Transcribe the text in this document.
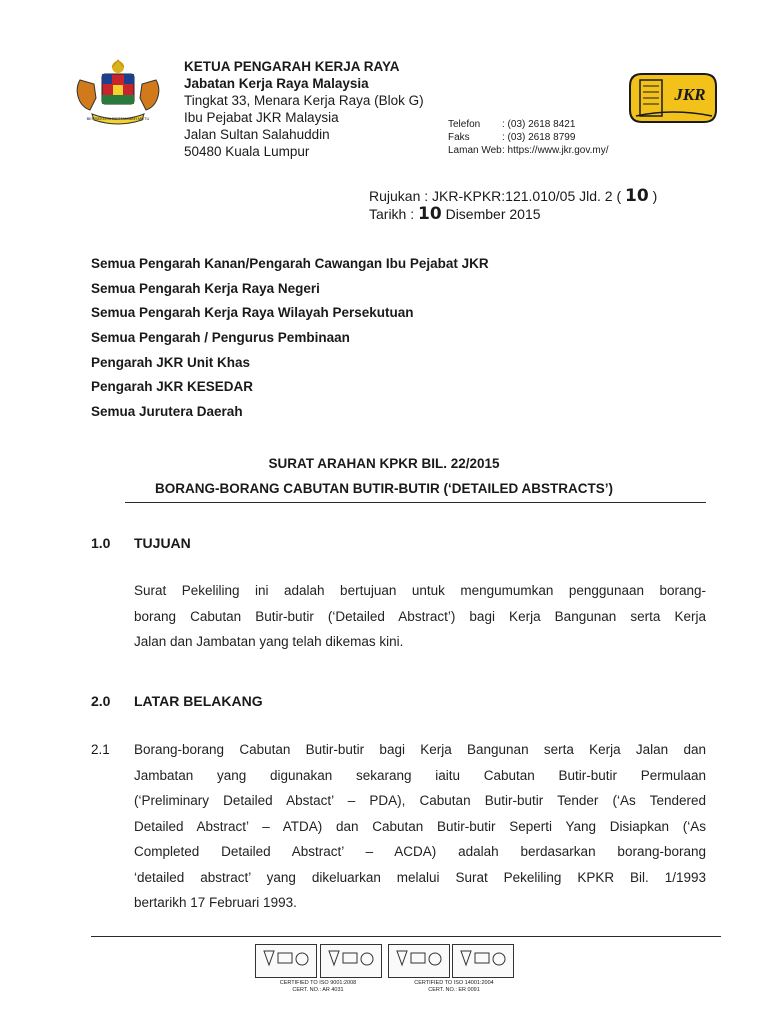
BERSEKUTU BERTAMBAH MUTU
KETUA PENGARAH KERJA RAYA
Jabatan Kerja Raya Malaysia
Tingkat 33, Menara Kerja Raya (Blok G)
Ibu Pejabat JKR Malaysia
Jalan Sultan Salahuddin
50480 Kuala Lumpur
Telefon : (03) 2618 8421
Faks	: (03) 2618 8799
Laman Web : https://www.jkr.gov.my/
JKR
Rujukan : JKR-KPKR:121.010/05 Jld. 2 ( 10 )
Tarikh : 10 Disember 2015
Semua Pengarah Kanan/Pengarah Cawangan Ibu Pejabat JKR
Semua Pengarah Kerja Raya Negeri
Semua Pengarah Kerja Raya Wilayah Persekutuan
Semua Pengarah / Pengurus Pembinaan
Pengarah JKR Unit Khas
Pengarah JKR KESEDAR
Semua Jurutera Daerah
SURAT ARAHAN KPKR BIL. 22/2015
BORANG-BORANG CABUTAN BUTIR-BUTIR (‘DETAILED ABSTRACTS’)
1.0 TUJUAN
Surat Pekeliling ini adalah bertujuan untuk mengumumkan penggunaan borang-
borang Cabutan Butir-butir (‘Detailed Abstract’) bagi Kerja Bangunan serta Kerja
Jalan dan Jambatan yang telah dikemas kini.
2.0 LATAR BELAKANG
2.1 Borang-borang Cabutan Butir-butir bagi Kerja Bangunan serta Kerja Jalan dan
Jambatan yang digunakan sekarang iaitu Cabutan Butir-butir Permulaan
(‘Preliminary Detailed Abstact’ – PDA), Cabutan Butir-butir Tender (‘As Tendered
Detailed Abstract’ – ATDA) dan Cabutan Butir-butir Seperti Yang Disiapkan (‘As
Completed Detailed Abstract’ – ACDA) adalah berdasarkan borang-borang
‘detailed abstract’ yang dikeluarkan melalui Surat Pekeliling KPKR Bil. 1/1993
bertarikh 17 Februari 1993.
CERTIFIED TO ISO 9001:2008
CERT. NO.: AR 4031
CERTIFIED TO ISO 14001:2004
CERT. NO.: ER 0091
